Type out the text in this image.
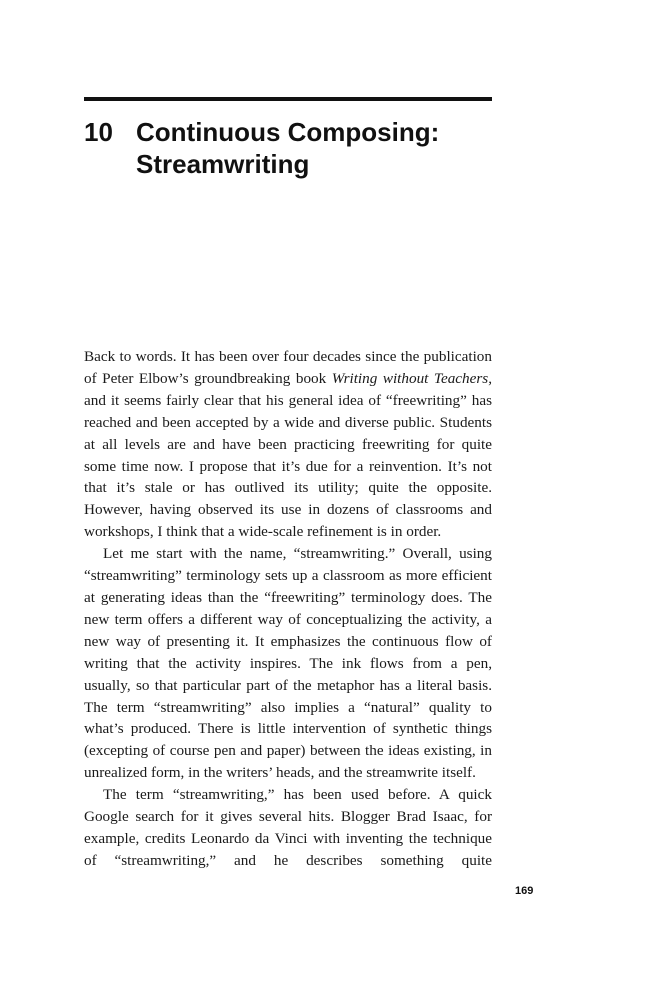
10 Continuous Composing:
Streamwriting

Back to words. It has been over four decades since the publication of Peter Elbow’s groundbreaking book Writing without Teachers, and it seems fairly clear that his general idea of “freewriting” has reached and been accepted by a wide and diverse public. Students at all levels are and have been practicing freewriting for quite some time now. I propose that it’s due for a reinvention. It’s not that it’s stale or has outlived its utility; quite the opposite. However, having observed its use in dozens of classrooms and workshops, I think that a wide-scale refinement is in order.

Let me start with the name, “streamwriting.” Overall, using “streamwriting” terminology sets up a classroom as more efficient at generating ideas than the “freewriting” terminology does. The new term offers a different way of conceptualizing the activity, a new way of presenting it. It emphasizes the continuous flow of writing that the activity inspires. The ink flows from a pen, usually, so that particular part of the metaphor has a literal basis. The term “streamwriting” also implies a “natural” quality to what’s produced. There is little intervention of synthetic things (excepting of course pen and paper) between the ideas existing, in unrealized form, in the writers’ heads, and the streamwrite itself.

The term “streamwriting,” has been used before. A quick Google search for it gives several hits. Blogger Brad Isaac, for example, credits Leonardo da Vinci with inventing the technique of “streamwriting,” and he describes something quite

169
